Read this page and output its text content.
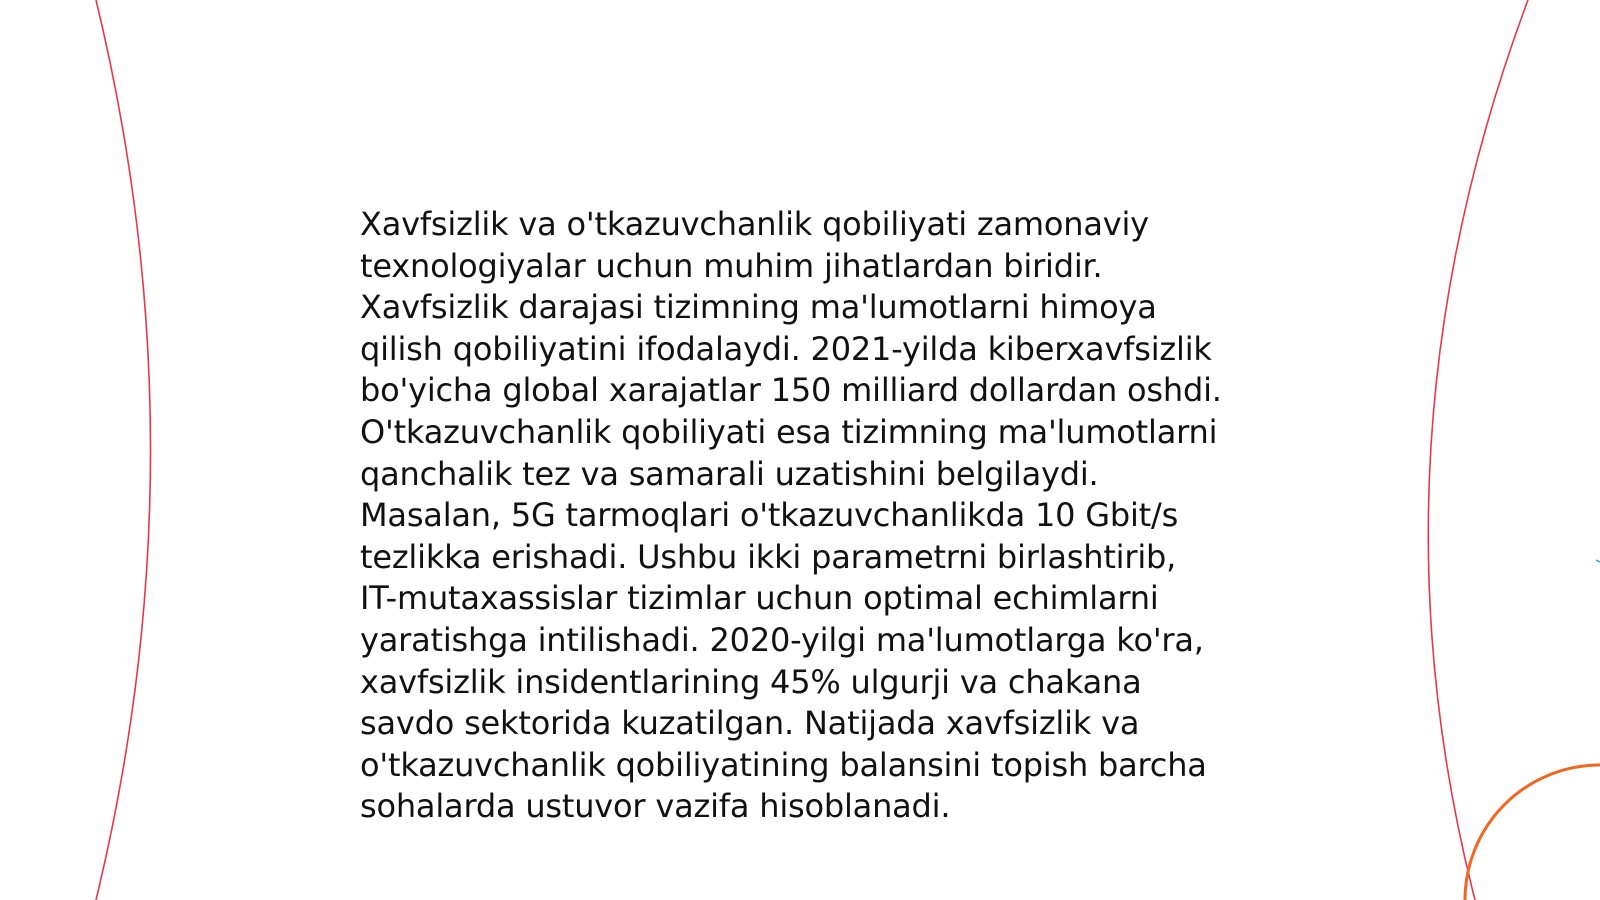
Xavfsizlik va o'tkazuvchanlik qobiliyati zamonaviy
texnologiyalar uchun muhim jihatlardan biridir.
Xavfsizlik darajasi tizimning ma'lumotlarni himoya
qilish qobiliyatini ifodalaydi. 2021-yilda kiberxavfsizlik
bo'yicha global xarajatlar 150 milliard dollardan oshdi.
O'tkazuvchanlik qobiliyati esa tizimning ma'lumotlarni
qanchalik tez va samarali uzatishini belgilaydi.
Masalan, 5G tarmoqlari o'tkazuvchanlikda 10 Gbit/s
tezlikka erishadi. Ushbu ikki parametrni birlashtirib,
IT-mutaxassislar tizimlar uchun optimal echimlarni
yaratishga intilishadi. 2020-yilgi ma'lumotlarga ko'ra,
xavfsizlik insidentlarining 45% ulgurji va chakana
savdo sektorida kuzatilgan. Natijada xavfsizlik va
o'tkazuvchanlik qobiliyatining balansini topish barcha
sohalarda ustuvor vazifa hisoblanadi.
